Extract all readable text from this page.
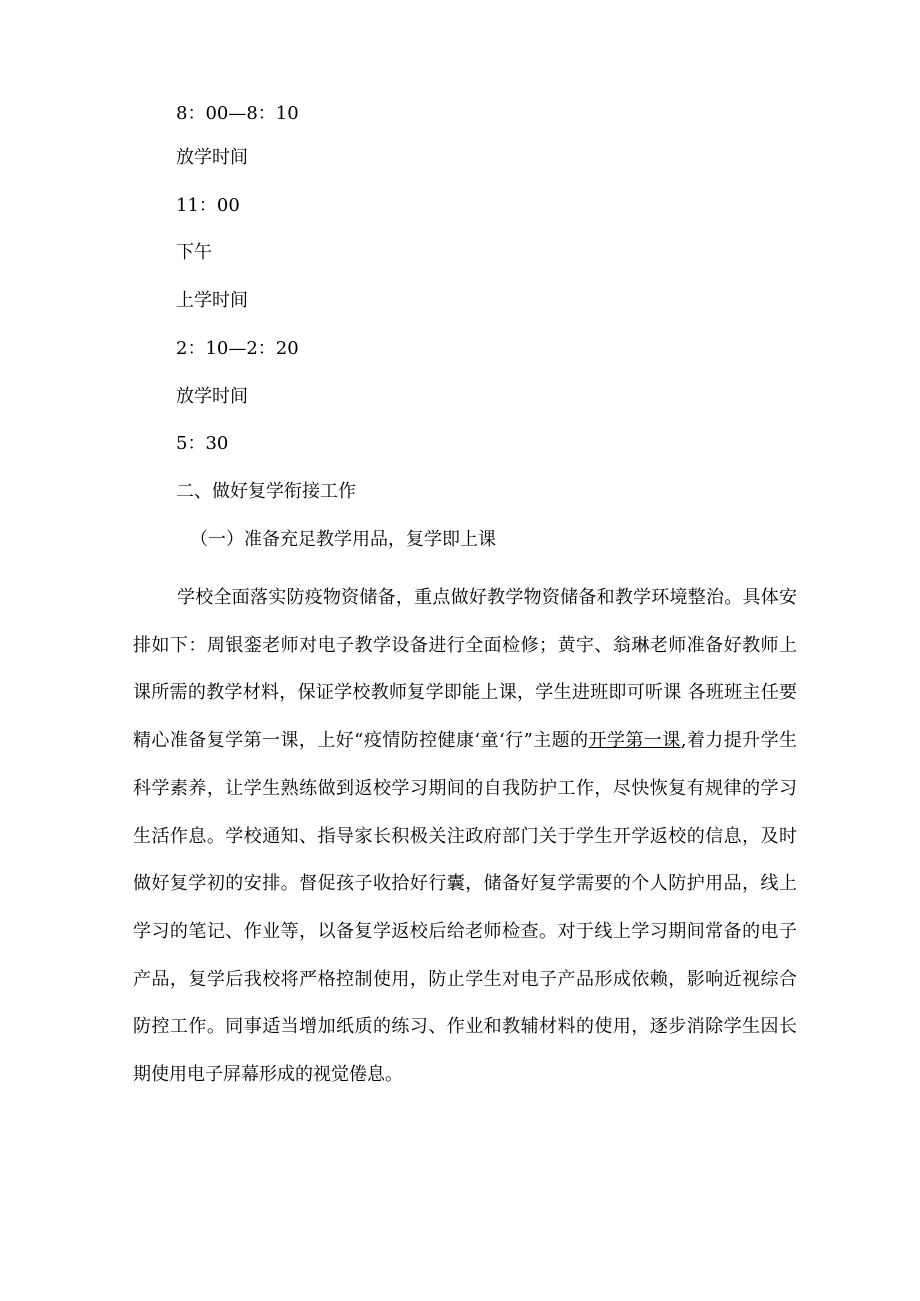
8：00—8：10

放学时间

11：00

下午

上学时间

2：10—2：20

放学时间

5：30

二、做好复学衔接工作

（一）准备充足教学用品，复学即上课

学校全面落实防疫物资储备，重点做好教学物资储备和教学环境整治。具体安排如下：周银銮老师对电子教学设备进行全面检修；黄宇、翁琳老师准备好教师上课所需的教学材料，保证学校教师复学即能上课，学生进班即可听课 各班班主任要精心准备复学第一课，上好“疫情防控健康‘童‘行”主题的开学第一课,着力提升学生科学素养，让学生熟练做到返校学习期间的自我防护工作，尽快恢复有规律的学习生活作息。学校通知、指导家长积极关注政府部门关于学生开学返校的信息，及时做好复学初的安排。督促孩子收拾好行囊，储备好复学需要的个人防护用品，线上学习的笔记、作业等，以备复学返校后给老师检查。对于线上学习期间常备的电子产品，复学后我校将严格控制使用，防止学生对电子产品形成依赖，影响近视综合防控工作。同事适当增加纸质的练习、作业和教辅材料的使用，逐步消除学生因长期使用电子屏幕形成的视觉倦息。
